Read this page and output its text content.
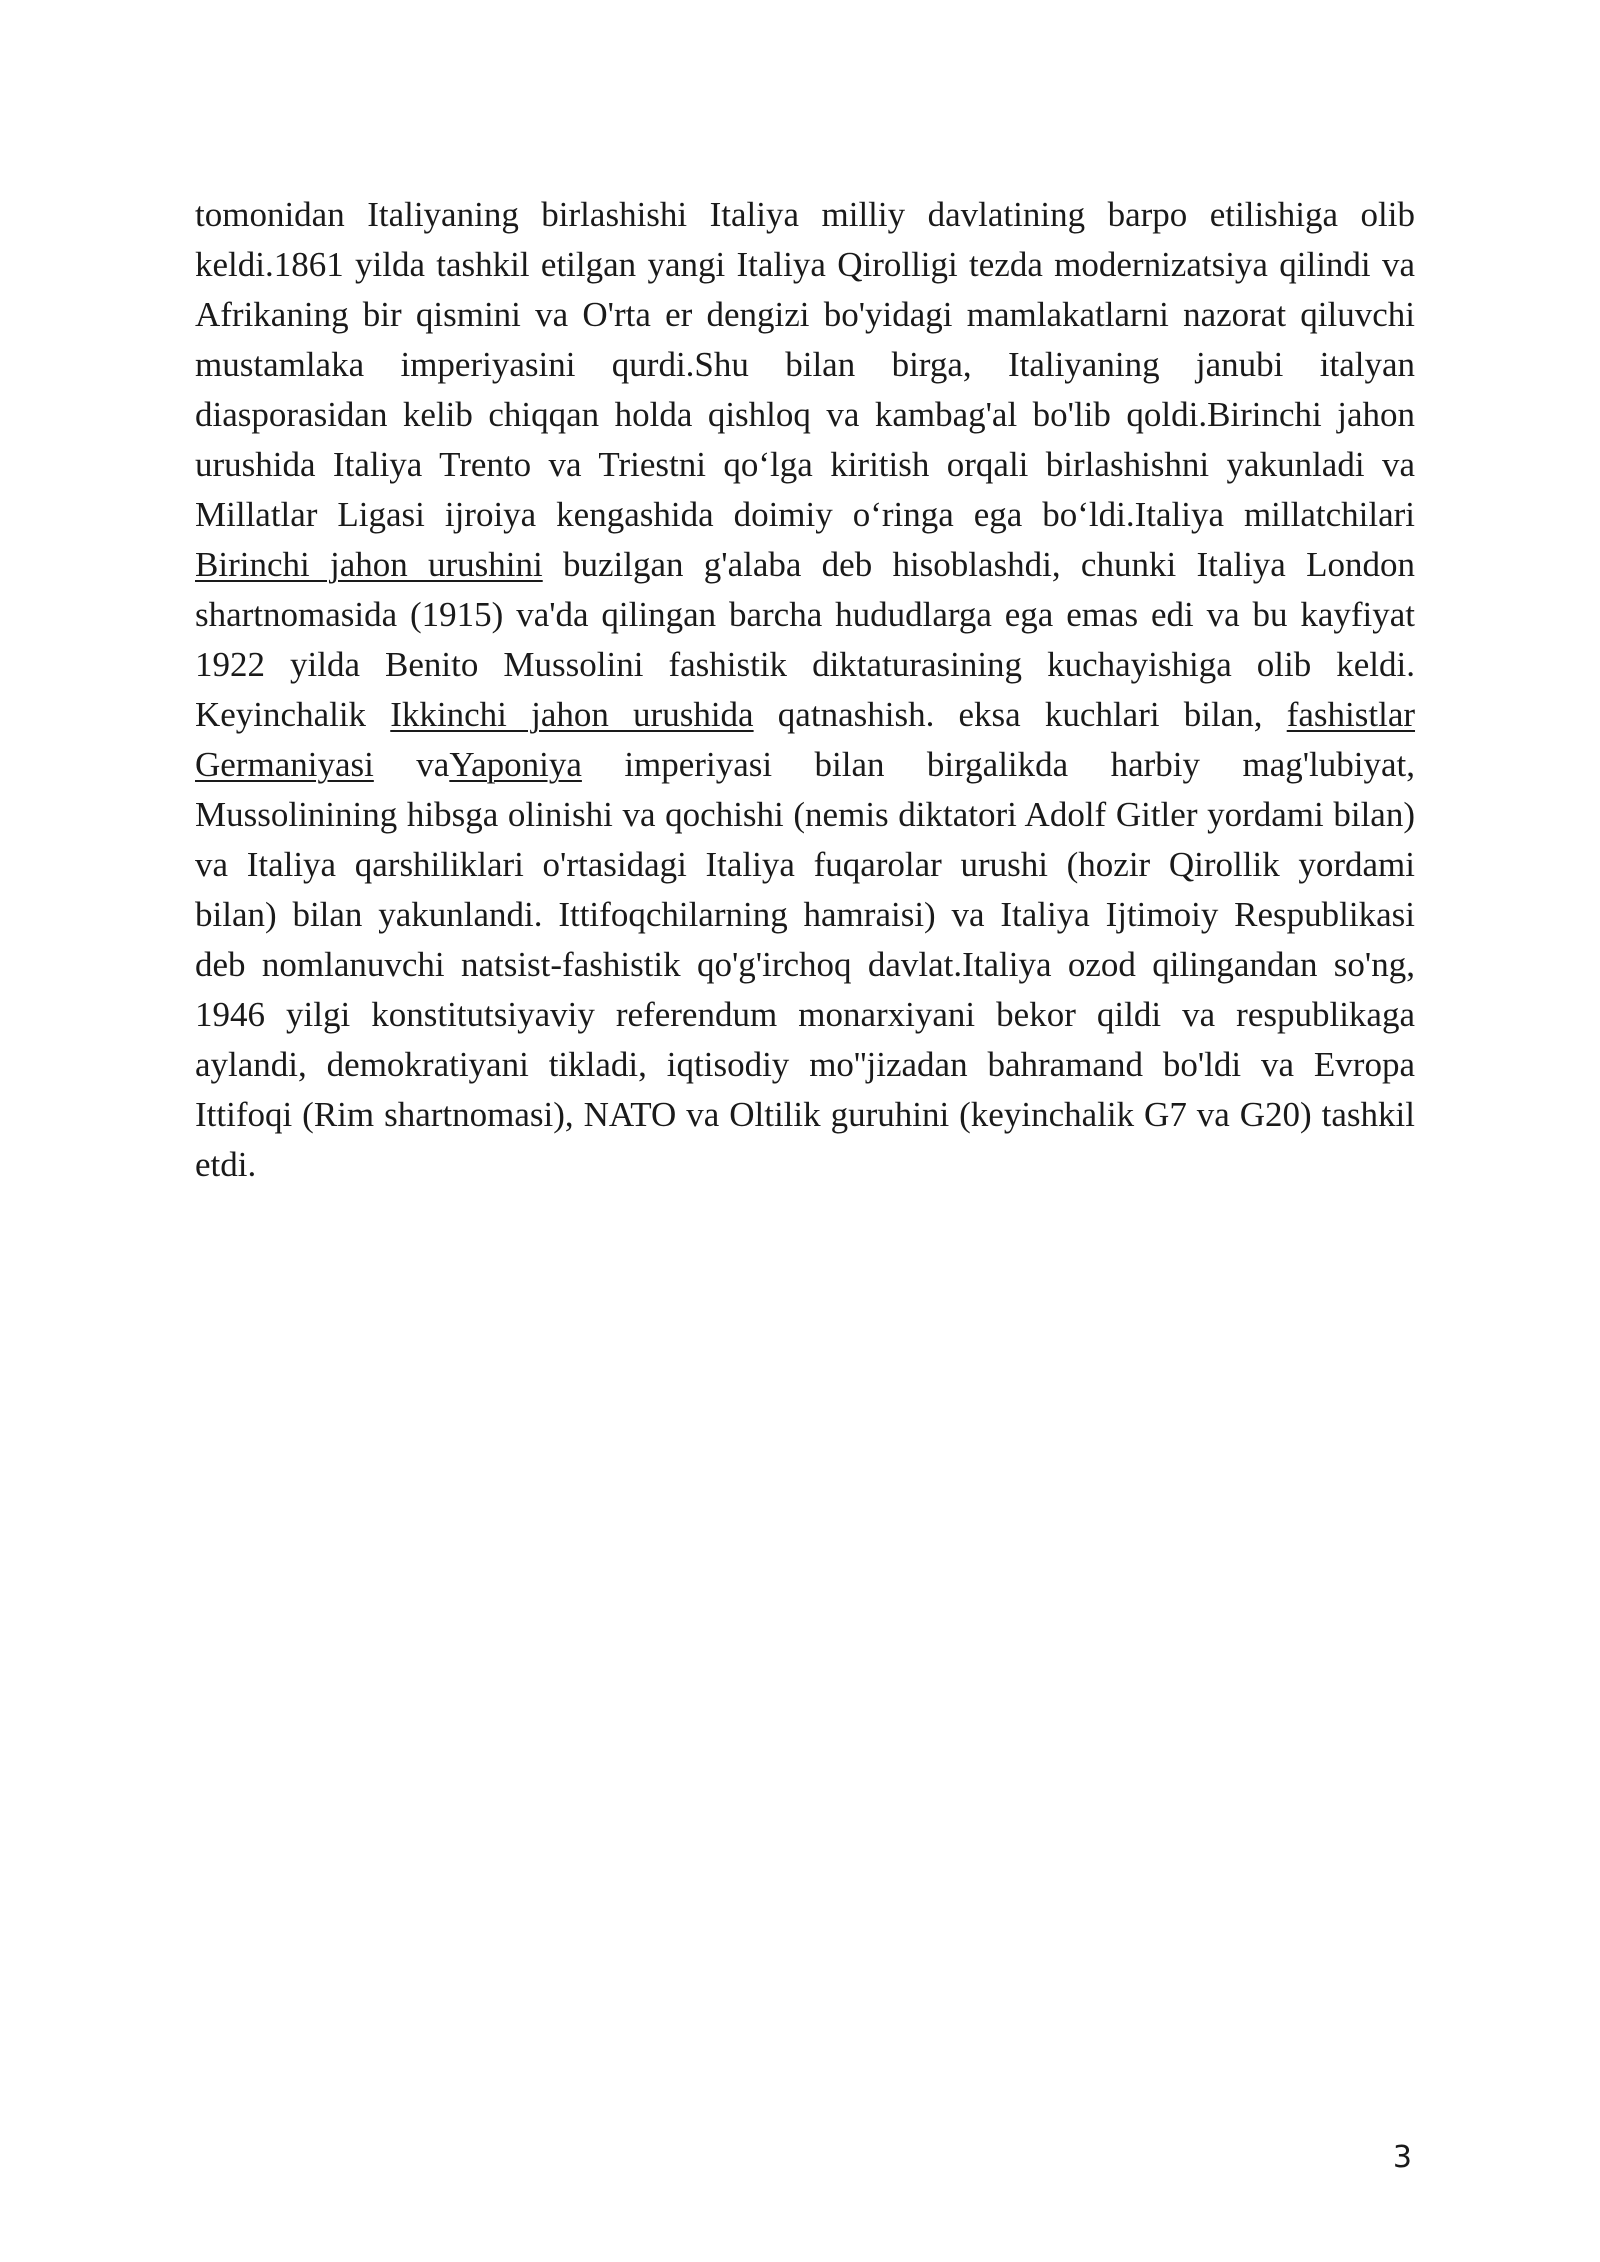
tomonidan Italiyaning birlashishi Italiya milliy davlatining barpo etilishiga olib keldi.1861 yilda tashkil etilgan yangi Italiya Qirolligi tezda modernizatsiya qilindi va Afrikaning bir qismini va O'rta er dengizi bo'yidagi mamlakatlarni nazorat qiluvchi mustamlaka imperiyasini qurdi.Shu bilan birga, Italiyaning janubi italyan diasporasidan kelib chiqqan holda qishloq va kambag'al bo'lib qoldi.Birinchi jahon urushida Italiya Trento va Triestni qo‘lga kiritish orqali birlashishni yakunladi va Millatlar Ligasi ijroiya kengashida doimiy o‘ringa ega bo‘ldi.Italiya millatchilari Birinchi jahon urushini buzilgan g'alaba deb hisoblashdi, chunki Italiya London shartnomasida (1915) va'da qilingan barcha hududlarga ega emas edi va bu kayfiyat 1922 yilda Benito Mussolini fashistik diktaturasining kuchayishiga olib keldi. Keyinchalik Ikkinchi jahon urushida qatnashish. eksa kuchlari bilan, fashistlar Germaniyasi vaYaponiya imperiyasi bilan birgalikda harbiy mag'lubiyat, Mussolinining hibsga olinishi va qochishi (nemis diktatori Adolf Gitler yordami bilan) va Italiya qarshiliklari o'rtasidagi Italiya fuqarolar urushi (hozir Qirollik yordami bilan) bilan yakunlandi. Ittifoqchilarning hamraisi) va Italiya Ijtimoiy Respublikasi deb nomlanuvchi natsist-fashistik qo'g'irchoq davlat.Italiya ozod qilingandan so'ng, 1946 yilgi konstitutsiyaviy referendum monarxiyani bekor qildi va respublikaga aylandi, demokratiyani tikladi, iqtisodiy mo''jizadan bahramand bo'ldi va Evropa Ittifoqi (Rim shartnomasi), NATO va Oltilik guruhini (keyinchalik G7 va G20) tashkil etdi.

3
